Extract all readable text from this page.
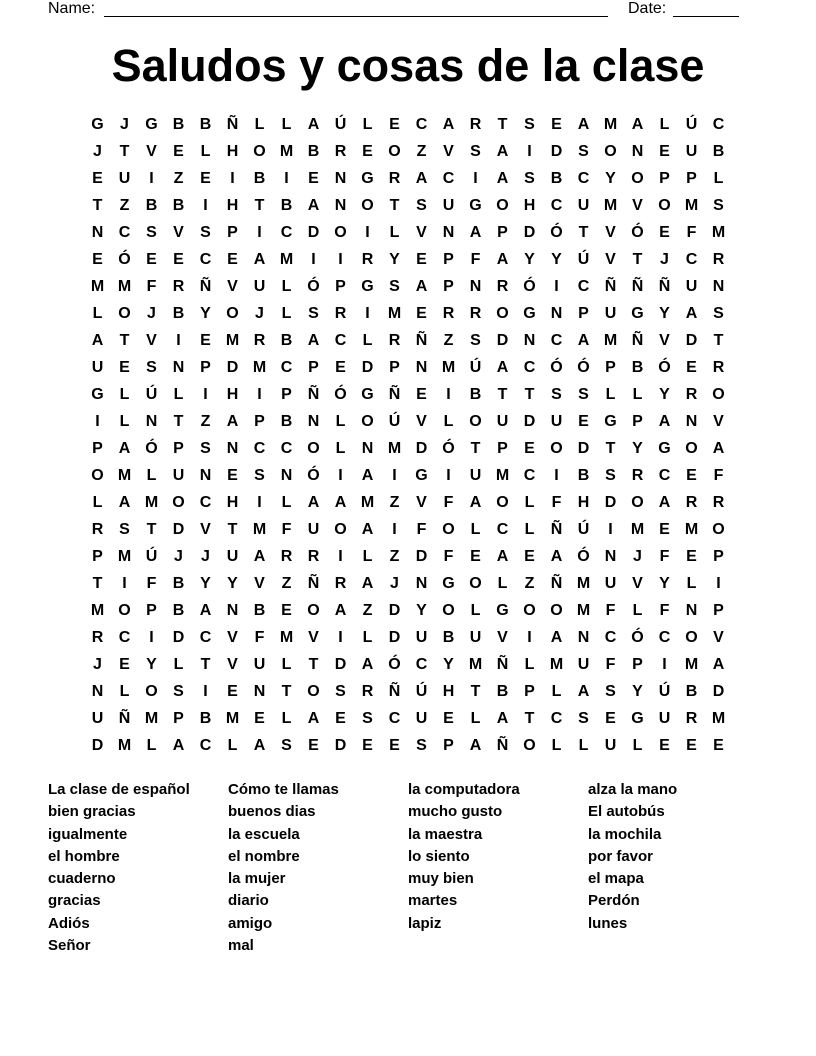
Name:	Date:
Saludos y cosas de la clase
G	J	G B B Ñ	L	L	A Ú	L	E C A R	T	S	E A M A	L	Ú C
J	T	V	E	L	H O M B R E O Z	V	S A	I	D S O N E U B
E U	I	Z	E	I	B	I	E N G R A C	I	A S B C Y O P	P	L
T	Z	B B	I	H	T	B A N O T	S U G O H C U M V O M S
N C S	V	S	P	I	C D O	I	L	V N A P D Ó T	V Ó E	F M
E Ó E	E C E A M	I	I	R Y	E	P	F	A Y	Y Ú V	T	J	C R
M M F	R Ñ V U	L Ó P G S A P N R Ó	I	C Ñ Ñ Ñ U N
L O	J	B Y O	J	L	S R	I	M E R R O G N P U G Y A S
A	T	V	I	E M R B A C	L	R Ñ	Z	S D N C A M Ñ V D	T
U E	S N P D M C P	E D P N M Ú A C Ó Ó P B Ó E R
G L	Ú	L	I	H	I	P Ñ Ó G Ñ E	I	B	T	T	S	S	L	L	Y R O
I	L	N	T	Z	A P B N	L O Ú V	L O U D U E G P A N V
P A Ó P	S N C C O L	N M D Ó T	P	E O D	T	Y G O A
O M L	U N E	S N Ó	I	A	I	G	I	U M C	I	B S R C E	F
L	A M O C H	I	L	A A M Z	V	F	A O L	F	H D O A R R
R S	T	D V	T M F	U O A	I	F O L	C	L	Ñ Ú	I	M E M O
P M Ú	J	J	U A R R	I	L	Z	D	F	E A E A Ó N	J	F	E	P
T	I	F	B Y	Y	V	Z	Ñ R A	J	N G O L	Z	Ñ M U V	Y	L	I
M O P B A N B E O A	Z	D Y O L G O O M F	L	F	N P
R C	I	D C V	F M V	I	L	D U B U V	I	A N C Ó C O V
J	E	Y	L	T	V U	L	T	D A Ó C Y M Ñ	L M U	F	P	I	M A
N	L O S	I	E N	T O S R Ñ Ú H	T	B P	L	A S	Y Ú B D
U Ñ M P B M E	L	A E	S C U E	L	A	T	C S	E G U R M
D M L	A C	L	A S	E D E	E	S	P A Ñ O L	L	U	L	E	E	E
La clase de español
bien gracias
igualmente
el hombre
cuaderno
gracias
Adiós
Señor
Cómo te llamas
buenos dias
la escuela
el nombre
la mujer
diario
amigo
mal
la computadora
mucho gusto
la maestra
lo siento
muy bien
martes
lapiz
alza la mano
El autobús
la mochila
por favor
el mapa
Perdón
lunes
